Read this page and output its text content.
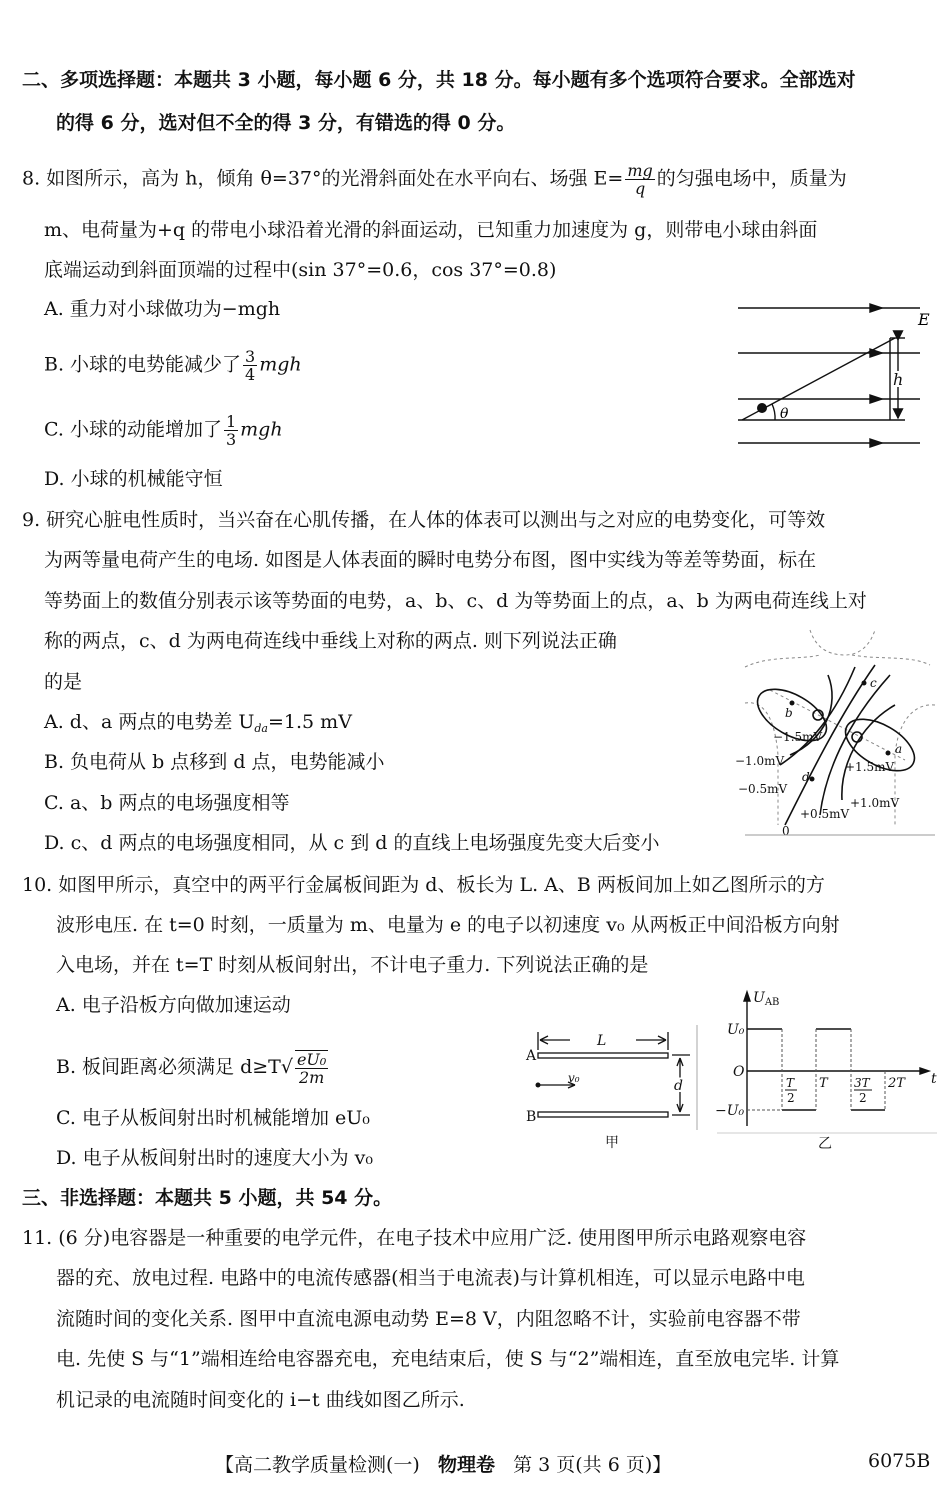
二、多项选择题：本题共 3 小题，每小题 6 分，共 18 分。每小题有多个选项符合要求。全部选对
的得 6 分，选对但不全的得 3 分，有错选的得 0 分。
8. 如图所示，高为 h，倾角 θ=37°的光滑斜面处在水平向右、场强 $E= \frac{mg}{q}$ 的匀强电场中，质量为
m、电荷量为+q 的带电小球沿着光滑的斜面运动，已知重力加速度为 g，则带电小球由斜面
底端运动到斜面顶端的过程中(sin 37°=0.6，cos 37°=0.8)
A. 重力对小球做功为−mgh
B. 小球的电势能减少了 $\frac{3}{4}$ mgh
C. 小球的动能增加了 $\frac{1}{3}$ mgh
D. 小球的机械能守恒
E
h
θ
9. 研究心脏电性质时，当兴奋在心肌传播，在人体的体表可以测出与之对应的电势变化，可等效
为两等量电荷产生的电场. 如图是人体表面的瞬时电势分布图，图中实线为等差等势面，标在
等势面上的数值分别表示该等势面的电势，a、b、c、d 为等势面上的点，a、b 为两电荷连线上对
称的两点，c、d 为两电荷连线中垂线上对称的两点. 则下列说法正确
的是
A. d、a 两点的电势差 $U_{da}=1.5$ mV
B. 负电荷从 b 点移到 d 点，电势能减小
C. a、b 两点的电场强度相等
D. c、d 两点的电场强度相同，从 c 到 d 的直线上电场强度先变大后变小
b
a
c
d
−1.5mV
−1.0mV
−0.5mV
+1.5mV
+1.0mV
+0.5mV
0
10. 如图甲所示，真空中的两平行金属板间距为 d、板长为 L. A、B 两板间加上如乙图所示的方
波形电压. 在 t=0 时刻，一质量为 m、电量为 e 的电子以初速度 v₀ 从两板正中间沿板方向射
入电场，并在 t=T 时刻从板间射出，不计电子重力. 下列说法正确的是
A. 电子沿板方向做加速运动
B. 板间距离必须满足 $d\ge T√ \frac{\text{eU₀}}{2m}$
C. 电子从板间射出时机械能增加 eU₀
D. 电子从板间射出时的速度大小为 v₀
L
A
B
d
v₀
甲
$U_{AB}$
U₀
O
−U₀
t
T
2
T 3T
2
2T
乙
三、非选择题：本题共 5 小题，共 54 分。
11. (6 分)电容器是一种重要的电学元件，在电子技术中应用广泛. 使用图甲所示电路观察电容
器的充、放电过程. 电路中的电流传感器(相当于电流表)与计算机相连，可以显示电路中电
流随时间的变化关系. 图甲中直流电源电动势 E=8 V，内阻忽略不计，实验前电容器不带
电. 先使 S 与“1”端相连给电容器充电，充电结束后，使 S 与“2”端相连，直至放电完毕. 计算
机记录的电流随时间变化的 i−t 曲线如图乙所示.
【高二教学质量检测(一) 物理卷 第 3 页(共 6 页)】	6075B
